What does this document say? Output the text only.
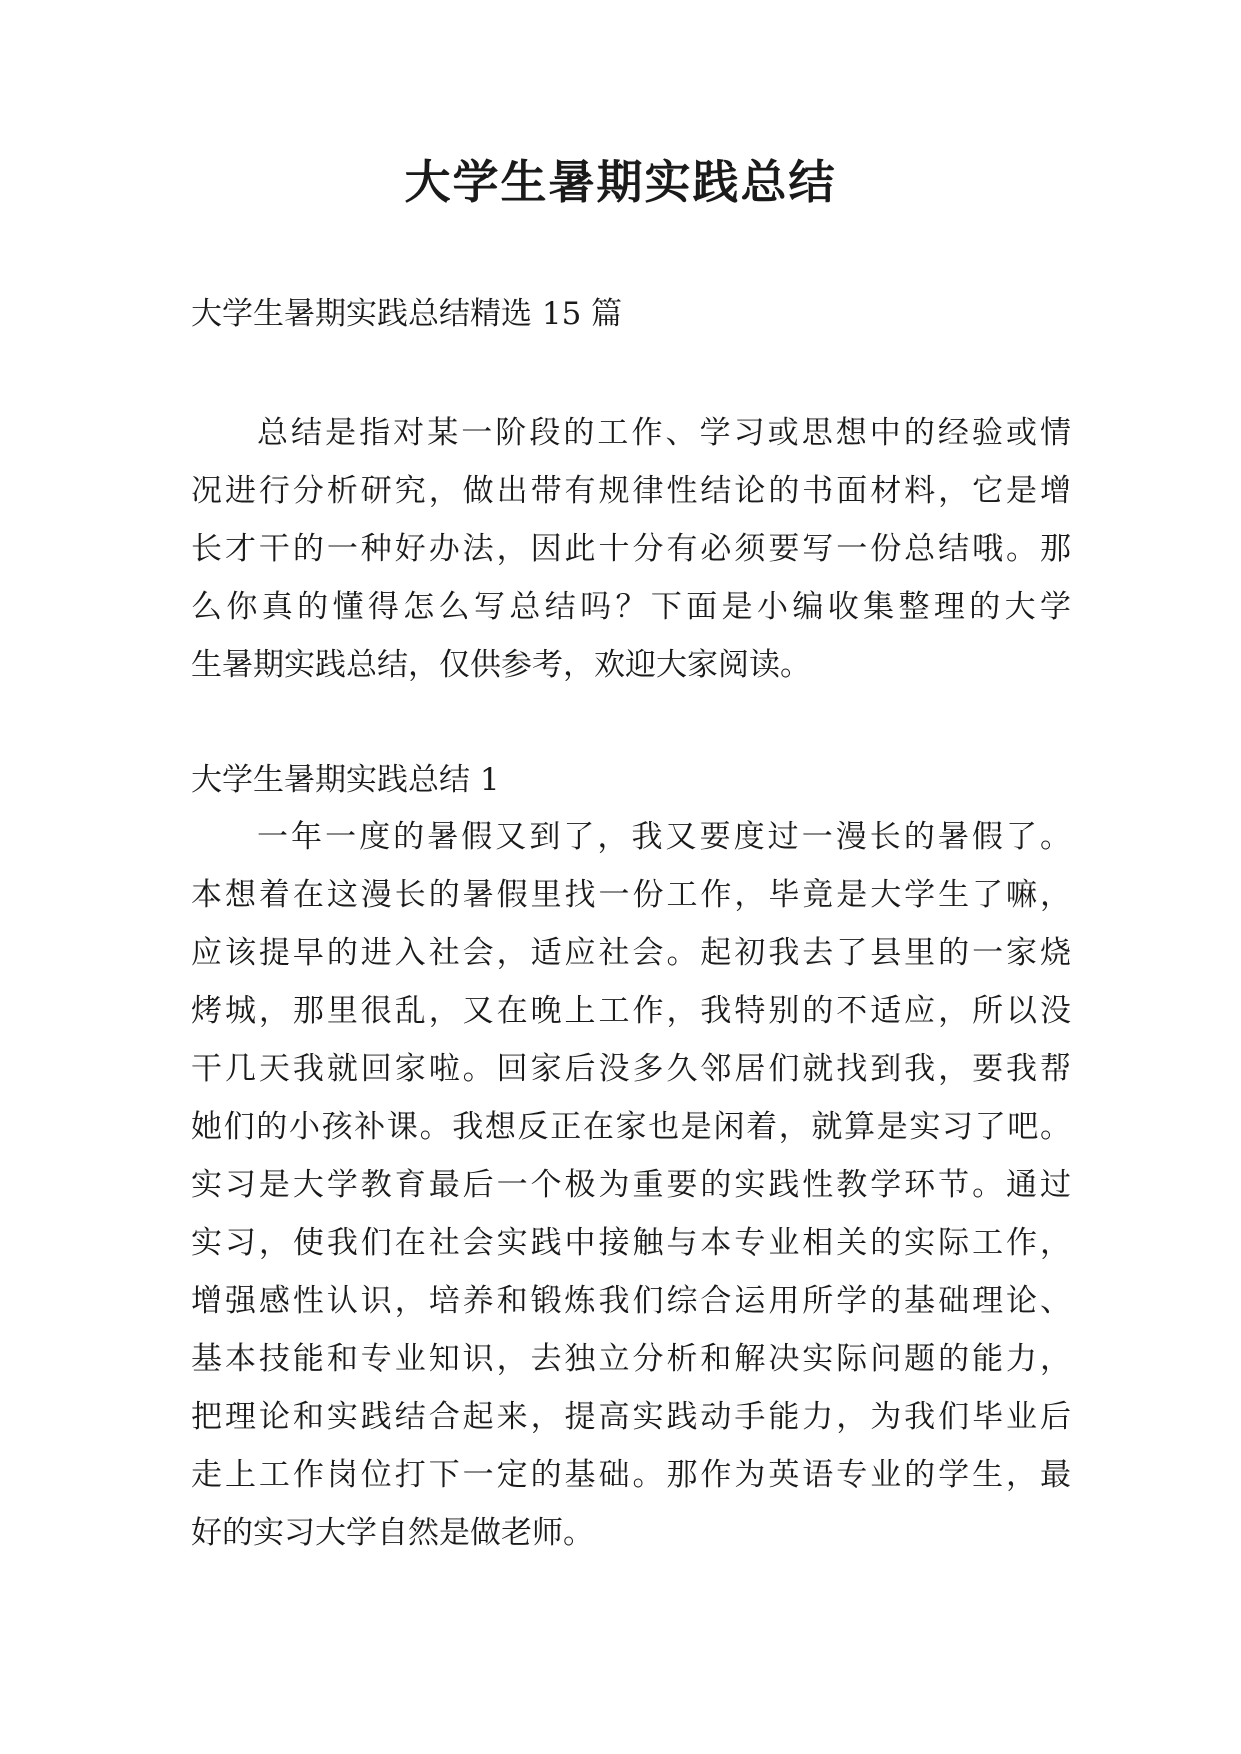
大学生暑期实践总结
大学生暑期实践总结精选 15 篇
总结是指对某一阶段的工作、学习或思想中的经验或情
况进行分析研究，做出带有规律性结论的书面材料，它是增
长才干的一种好办法，因此十分有必须要写一份总结哦。那
么你真的懂得怎么写总结吗？下面是小编收集整理的大学
生暑期实践总结，仅供参考，欢迎大家阅读。
大学生暑期实践总结 1
一年一度的暑假又到了，我又要度过一漫长的暑假了。
本想着在这漫长的暑假里找一份工作，毕竟是大学生了嘛，
应该提早的进入社会，适应社会。起初我去了县里的一家烧
烤城，那里很乱，又在晚上工作，我特别的不适应，所以没
干几天我就回家啦。回家后没多久邻居们就找到我，要我帮
她们的小孩补课。我想反正在家也是闲着，就算是实习了吧。
实习是大学教育最后一个极为重要的实践性教学环节。通过
实习，使我们在社会实践中接触与本专业相关的实际工作，
增强感性认识，培养和锻炼我们综合运用所学的基础理论、
基本技能和专业知识，去独立分析和解决实际问题的能力，
把理论和实践结合起来，提高实践动手能力，为我们毕业后
走上工作岗位打下一定的基础。那作为英语专业的学生，最
好的实习大学自然是做老师。
